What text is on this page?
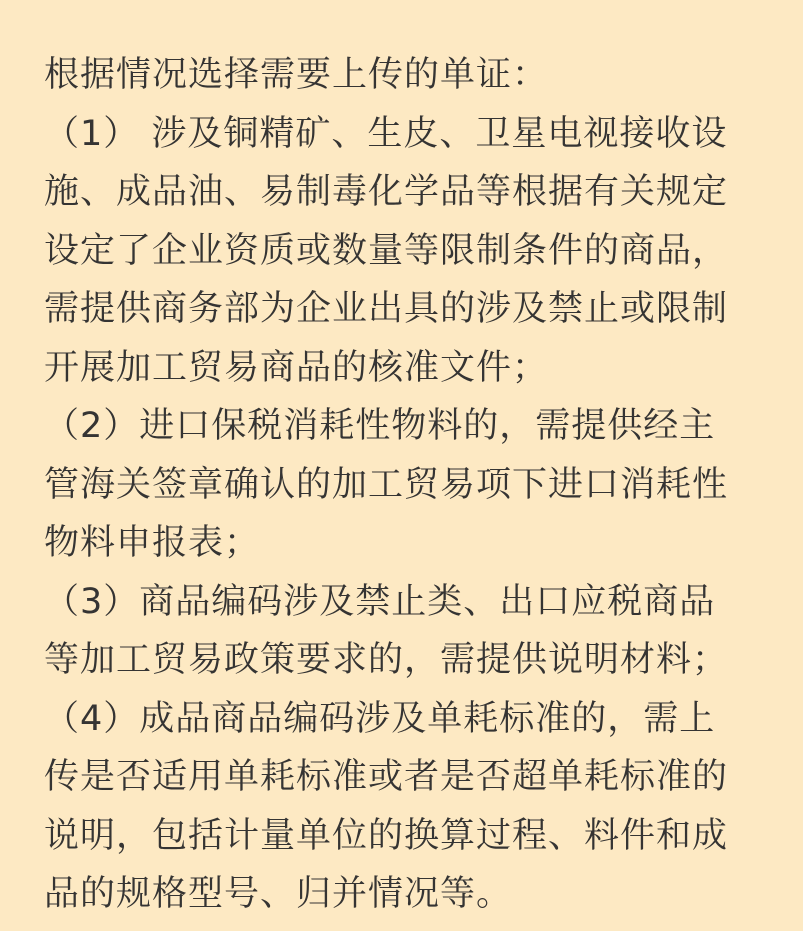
根据情况选择需要上传的单证：
（1） 涉及铜精矿、生皮、卫星电视接收设
施、成品油、易制毒化学品等根据有关规定
设定了企业资质或数量等限制条件的商品，
需提供商务部为企业出具的涉及禁止或限制
开展加工贸易商品的核准文件；
（2）进口保税消耗性物料的，需提供经主
管海关签章确认的加工贸易项下进口消耗性
物料申报表；
（3）商品编码涉及禁止类、出口应税商品
等加工贸易政策要求的，需提供说明材料；
（4）成品商品编码涉及单耗标准的，需上
传是否适用单耗标准或者是否超单耗标准的
说明，包括计量单位的换算过程、料件和成
品的规格型号、归并情况等。
